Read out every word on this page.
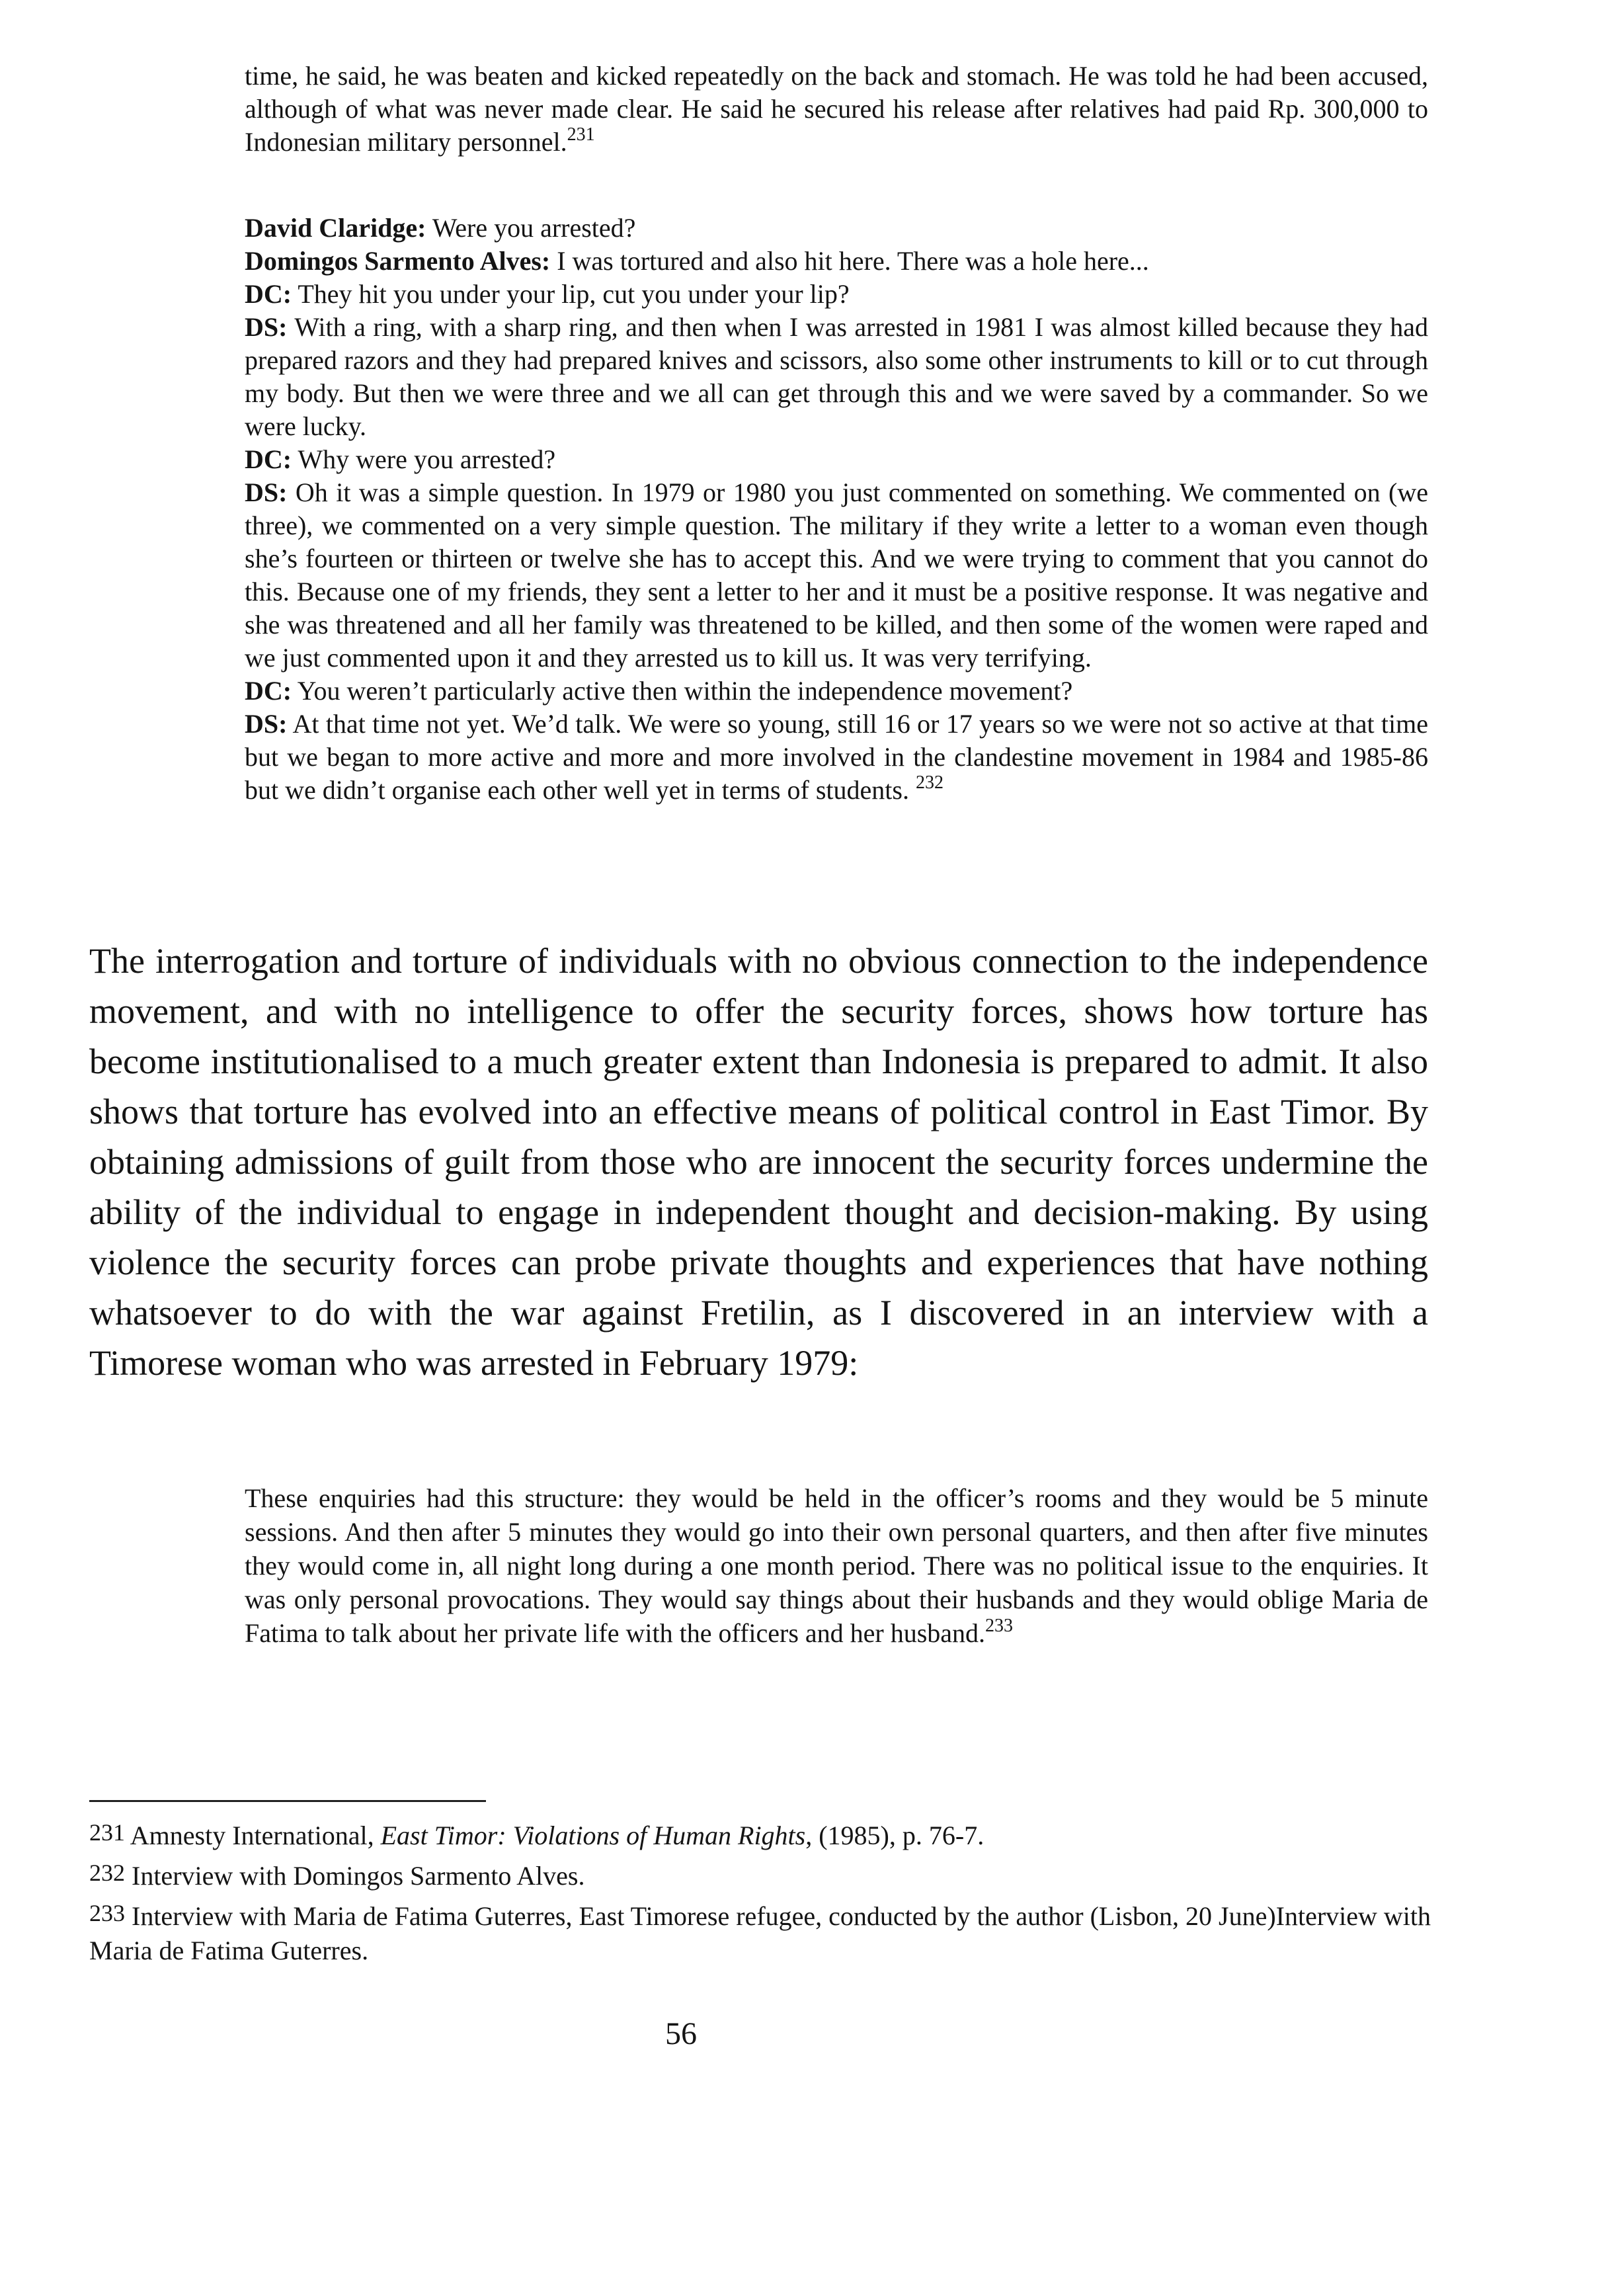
time, he said, he was beaten and kicked repeatedly on the back and stomach. He was told he had been accused, although of what was never made clear. He said he secured his release after relatives had paid Rp. 300,000 to Indonesian military personnel.$^{231}$

David Claridge: Were you arrested?

Domingos Sarmento Alves: I was tortured and also hit here. There was a hole here...

DC: They hit you under your lip, cut you under your lip?

DS: With a ring, with a sharp ring, and then when I was arrested in 1981 I was almost killed because they had prepared razors and they had prepared knives and scissors, also some other instruments to kill or to cut through my body. But then we were three and we all can get through this and we were saved by a commander. So we were lucky.

DC: Why were you arrested?

DS: Oh it was a simple question. In 1979 or 1980 you just commented on something. We commented on (we three), we commented on a very simple question. The military if they write a letter to a woman even though she’s fourteen or thirteen or twelve she has to accept this. And we were trying to comment that you cannot do this. Because one of my friends, they sent a letter to her and it must be a positive response. It was negative and she was threatened and all her family was threatened to be killed, and then some of the women were raped and we just commented upon it and they arrested us to kill us. It was very terrifying.

DC: You weren’t particularly active then within the independence movement?

DS: At that time not yet. We’d talk. We were so young, still 16 or 17 years so we were not so active at that time but we began to more active and more and more involved in the clandestine movement in 1984 and 1985-86 but we didn’t organise each other well yet in terms of students. $^{232}$

The interrogation and torture of individuals with no obvious connection to the independence movement, and with no intelligence to offer the security forces, shows how torture has become institutionalised to a much greater extent than Indonesia is prepared to admit. It also shows that torture has evolved into an effective means of political control in East Timor. By obtaining admissions of guilt from those who are innocent the security forces undermine the ability of the individual to engage in independent thought and decision-making. By using violence the security forces can probe private thoughts and experiences that have nothing whatsoever to do with the war against Fretilin, as I discovered in an interview with a Timorese woman who was arrested in February 1979:

These enquiries had this structure: they would be held in the officer’s rooms and they would be 5 minute sessions. And then after 5 minutes they would go into their own personal quarters, and then after five minutes they would come in, all night long during a one month period. There was no political issue to the enquiries. It was only personal provocations. They would say things about their husbands and they would oblige Maria de Fatima to talk about her private life with the officers and her husband.$^{233}$

231 Amnesty International, East Timor: Violations of Human Rights, (1985), p. 76-7.

232 Interview with Domingos Sarmento Alves.

233 Interview with Maria de Fatima Guterres, East Timorese refugee, conducted by the author (Lisbon, 20 June)Interview with Maria de Fatima Guterres.

56
